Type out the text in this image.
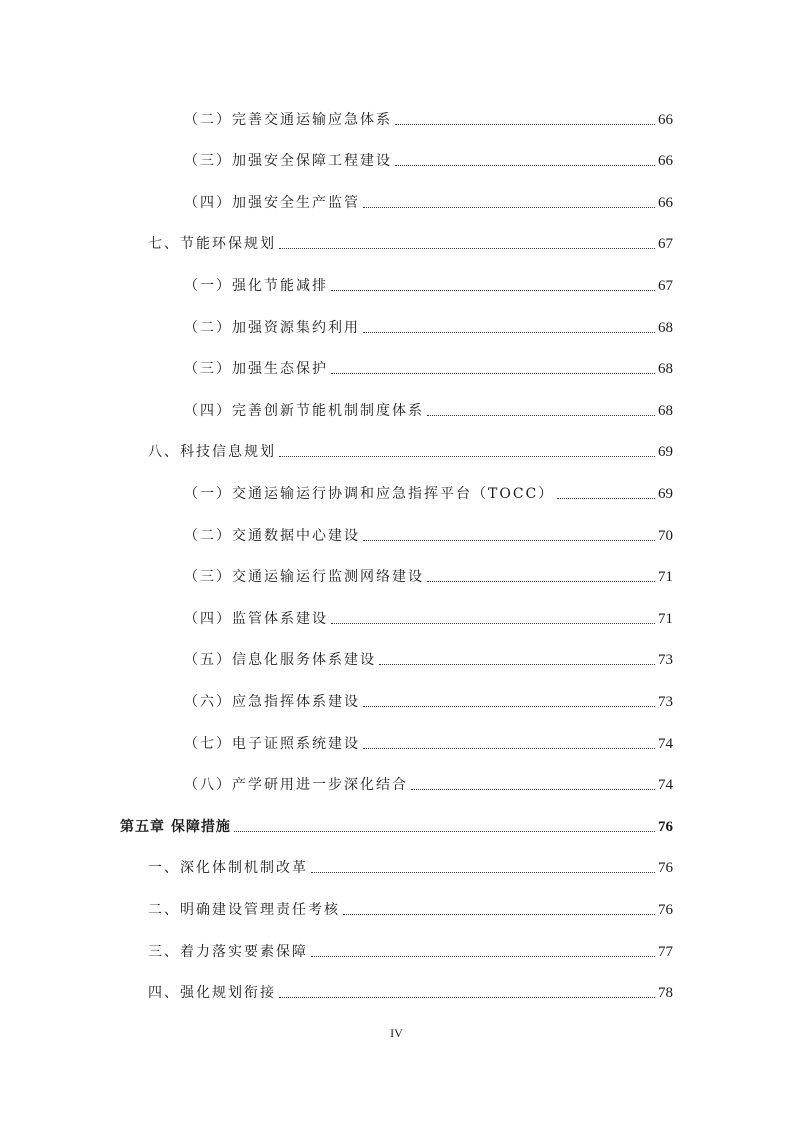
（二）完善交通运输应急体系	66
（三）加强安全保障工程建设	66
（四）加强安全生产监管	66
七、节能环保规划	67
（一）强化节能减排	67
（二）加强资源集约利用	68
（三）加强生态保护	68
（四）完善创新节能机制制度体系	68
八、科技信息规划	69
（一）交通运输运行协调和应急指挥平台（TOCC）	69
（二）交通数据中心建设	70
（三）交通运输运行监测网络建设	71
（四）监管体系建设	71
（五）信息化服务体系建设	73
（六）应急指挥体系建设	73
（七）电子证照系统建设	74
（八）产学研用进一步深化结合	74
第五章 保障措施	76
一、深化体制机制改革	76
二、明确建设管理责任考核	76
三、着力落实要素保障	77
四、强化规划衔接	78
IV
